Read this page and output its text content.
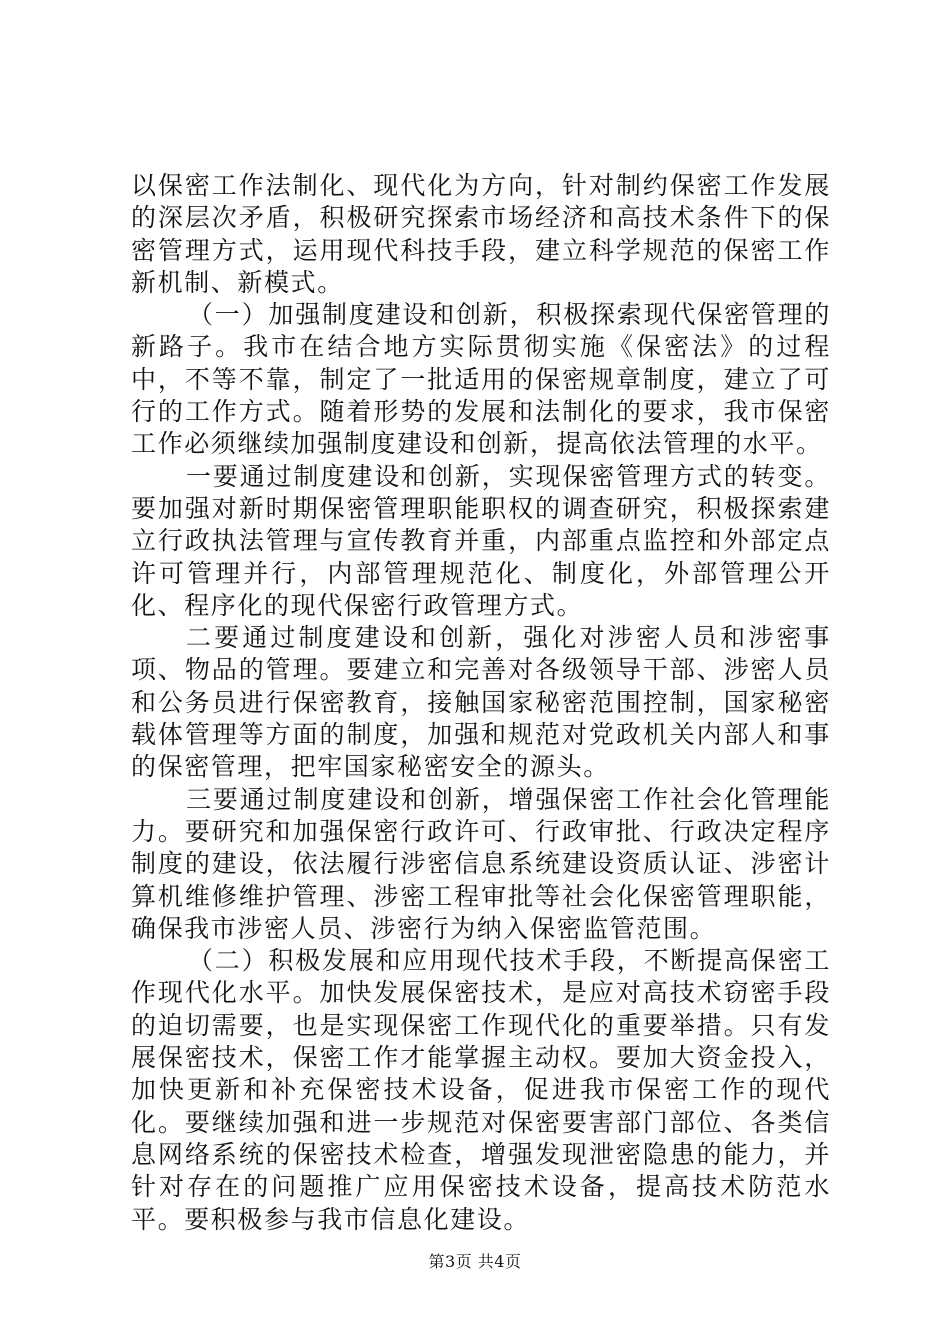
以保密工作法制化、现代化为方向，针对制约保密工作发展的深层次矛盾，积极研究探索市场经济和高技术条件下的保密管理方式，运用现代科技手段，建立科学规范的保密工作新机制、新模式。

（一）加强制度建设和创新，积极探索现代保密管理的新路子。我市在结合地方实际贯彻实施《保密法》的过程中，不等不靠，制定了一批适用的保密规章制度，建立了可行的工作方式。随着形势的发展和法制化的要求，我市保密工作必须继续加强制度建设和创新，提高依法管理的水平。

一要通过制度建设和创新，实现保密管理方式的转变。要加强对新时期保密管理职能职权的调查研究，积极探索建立行政执法管理与宣传教育并重，内部重点监控和外部定点许可管理并行，内部管理规范化、制度化，外部管理公开化、程序化的现代保密行政管理方式。

二要通过制度建设和创新，强化对涉密人员和涉密事项、物品的管理。要建立和完善对各级领导干部、涉密人员和公务员进行保密教育，接触国家秘密范围控制，国家秘密载体管理等方面的制度，加强和规范对党政机关内部人和事的保密管理，把牢国家秘密安全的源头。

三要通过制度建设和创新，增强保密工作社会化管理能力。要研究和加强保密行政许可、行政审批、行政决定程序制度的建设，依法履行涉密信息系统建设资质认证、涉密计算机维修维护管理、涉密工程审批等社会化保密管理职能，确保我市涉密人员、涉密行为纳入保密监管范围。

（二）积极发展和应用现代技术手段，不断提高保密工作现代化水平。加快发展保密技术，是应对高技术窃密手段的迫切需要，也是实现保密工作现代化的重要举措。只有发展保密技术，保密工作才能掌握主动权。要加大资金投入，加快更新和补充保密技术设备，促进我市保密工作的现代化。要继续加强和进一步规范对保密要害部门部位、各类信息网络系统的保密技术检查，增强发现泄密隐患的能力，并针对存在的问题推广应用保密技术设备，提高技术防范水平。要积极参与我市信息化建设。

第3页 共4页
